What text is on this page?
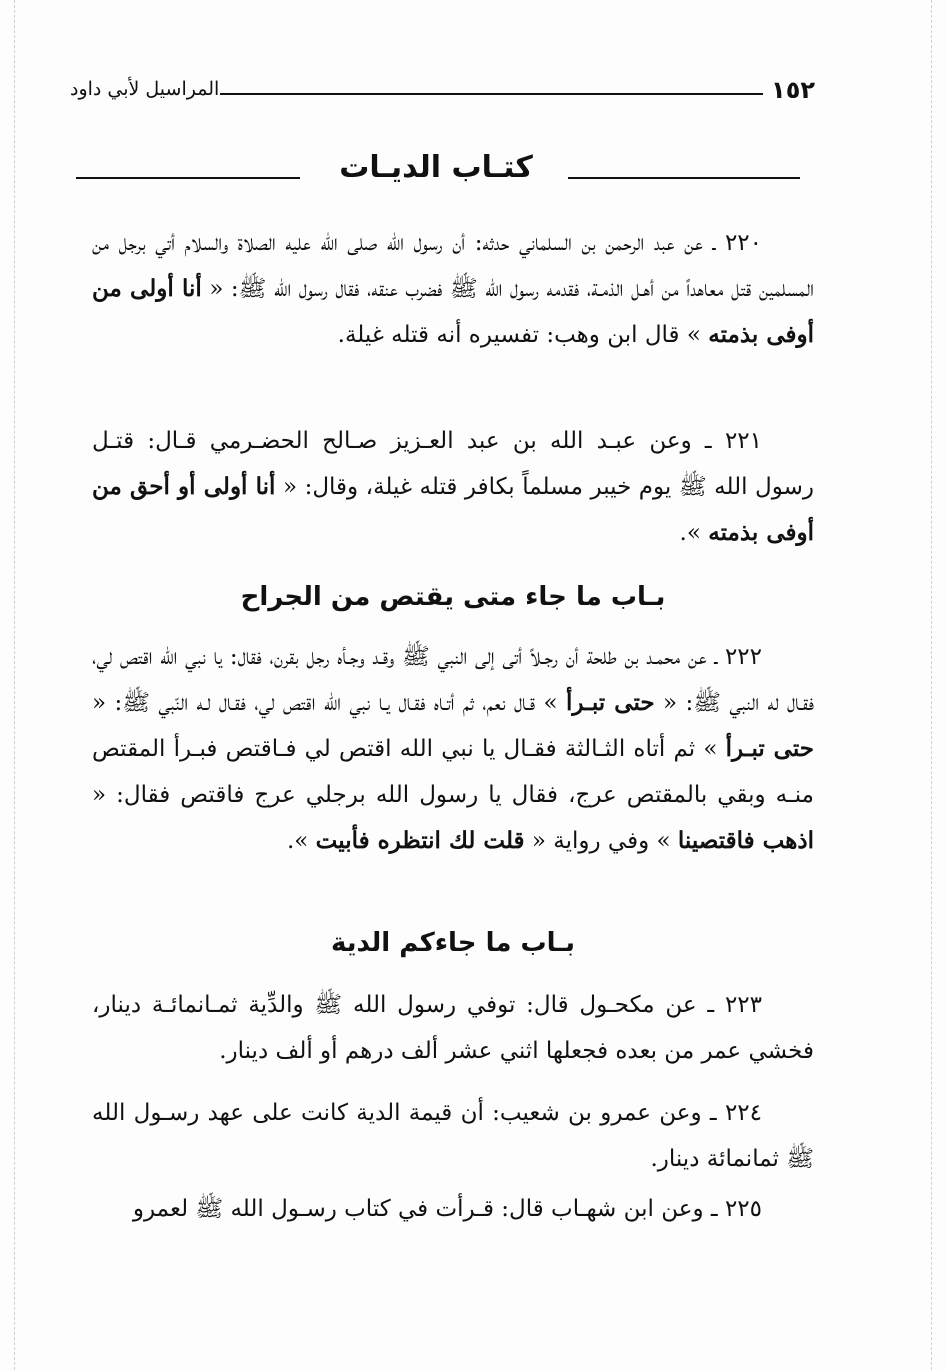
١٥٢
المراسيل لأبي داود
كتـاب الديـات

٢٢٠ ـ عن عبد الرحمن بن السلماني حدثه: أن رسول الله صلى الله عليه الصلاة والسلام أتي برجل من المسلمين قتل معاهداً من أهـل الذمـة، فقدمه رسول الله ﷺ فضرب عنقه، فقال رسول الله ﷺ: « أنا أولى من أوفى بذمته » قال ابن وهب: تفسيره أنه قتله غيلة.

٢٢١ ـ وعن عبـد الله بن عبد العـزيز صـالح الحضـرمي قـال: قتـل رسول الله ﷺ يوم خيبر مسلماً بكافر قتله غيلة، وقال: « أنا أولى أو أحق من أوفى بذمته ».

بـاب ما جاء متى يقتص من الجراح

٢٢٢ ـ عن محمـد بن طلحة أن رجـلاً أتى إلى النبي ﷺ وقـد وجـأه رجل بقرن، فقال: يا نبي الله اقتص لي، فقـال له النبي ﷺ: « حتى تبـرأ » قـال نعم، ثم أتـاه فقـال يـا نبي الله اقتص لي، فقـال لـه النّبي ﷺ: « حتى تبـرأ » ثم أتاه الثـالثة فقـال يا نبي الله اقتص لي فـاقتص فبـرأ المقتص منـه وبقي بالمقتص عرج، فقال يا رسول الله برجلي عرج فاقتص فقال: « اذهب فاقتصينا » وفي رواية « قلت لك انتظره فأبيت ».

بـاب ما جاءكم الدية

٢٢٣ ـ عن مكحـول قال: توفي رسول الله ﷺ والدِّية ثمـانمائـة دينار، فخشي عمر من بعده فجعلها اثني عشر ألف درهم أو ألف دينار.

٢٢٤ ـ وعن عمرو بن شعيب: أن قيمة الدية كانت على عهد رسـول الله ﷺ ثمانمائة دينار.

٢٢٥ ـ وعن ابن شهـاب قال: قـرأت في كتاب رسـول الله ﷺ لعمرو
